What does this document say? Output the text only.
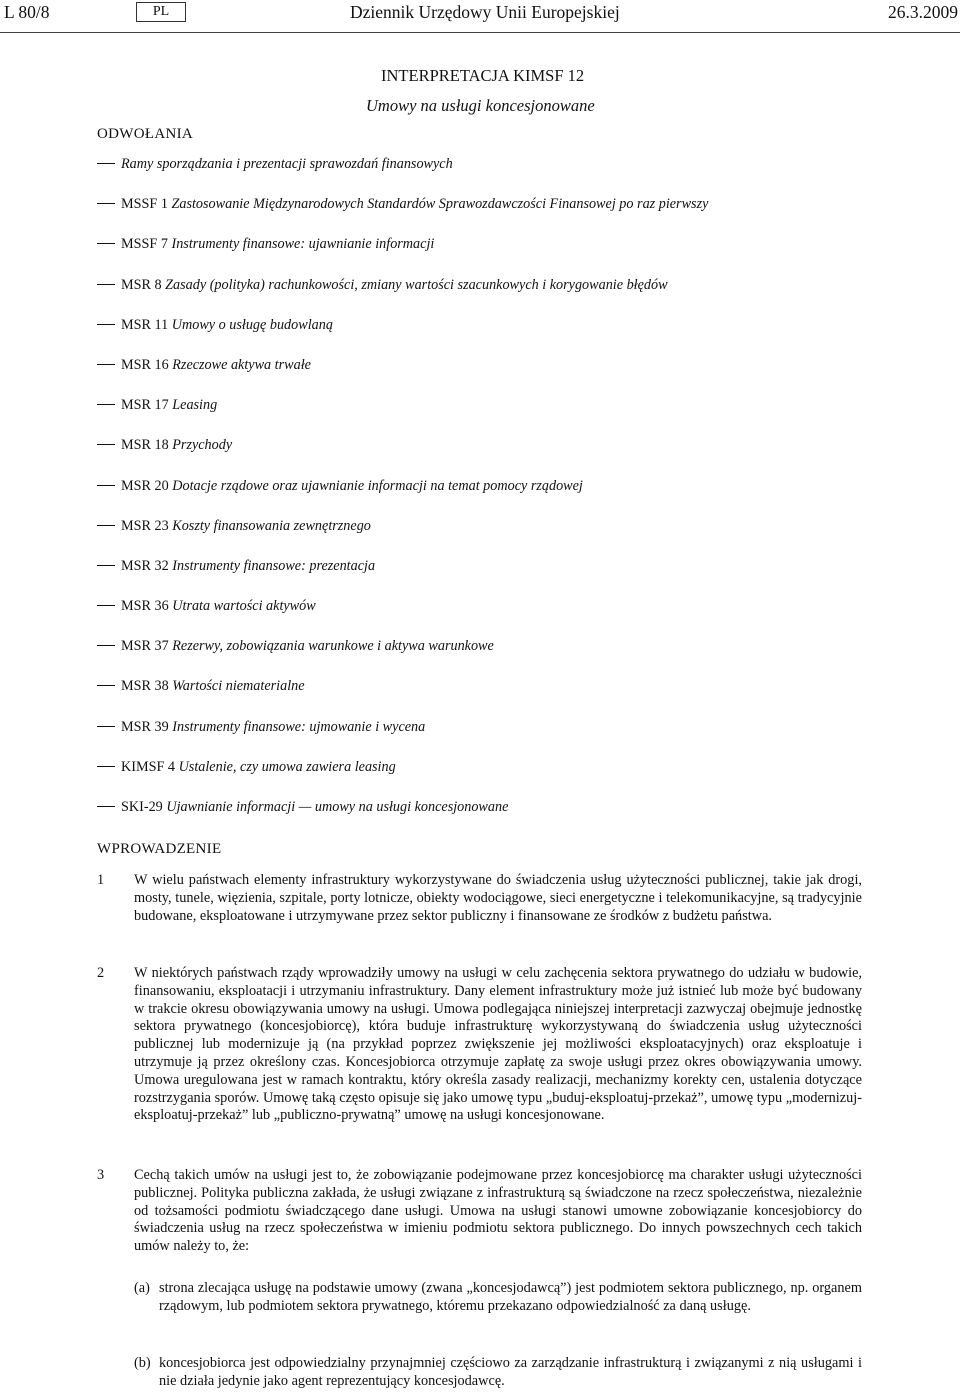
L 80/8	PL	Dziennik Urzędowy Unii Europejskiej	26.3.2009
INTERPRETACJA KIMSF 12
Umowy na usługi koncesjonowane
ODWOŁANIA
Ramy sporządzania i prezentacji sprawozdań finansowych
MSSF 1 Zastosowanie Międzynarodowych Standardów Sprawozdawczości Finansowej po raz pierwszy
MSSF 7 Instrumenty finansowe: ujawnianie informacji
MSR 8 Zasady (polityka) rachunkowości, zmiany wartości szacunkowych i korygowanie błędów
MSR 11 Umowy o usługę budowlaną
MSR 16 Rzeczowe aktywa trwałe
MSR 17 Leasing
MSR 18 Przychody
MSR 20 Dotacje rządowe oraz ujawnianie informacji na temat pomocy rządowej
MSR 23 Koszty finansowania zewnętrznego
MSR 32 Instrumenty finansowe: prezentacja
MSR 36 Utrata wartości aktywów
MSR 37 Rezerwy, zobowiązania warunkowe i aktywa warunkowe
MSR 38 Wartości niematerialne
MSR 39 Instrumenty finansowe: ujmowanie i wycena
KIMSF 4 Ustalenie, czy umowa zawiera leasing
SKI-29 Ujawnianie informacji — umowy na usługi koncesjonowane
WPROWADZENIE
1 W wielu państwach elementy infrastruktury wykorzystywane do świadczenia usług użyteczności publicznej, takie jak drogi, mosty, tunele, więzienia, szpitale, porty lotnicze, obiekty wodociągowe, sieci energetyczne i telekomunikacyjne, są tradycyjnie budowane, eksploatowane i utrzymywane przez sektor publiczny i finansowane ze środków z budżetu państwa.
2 W niektórych państwach rządy wprowadziły umowy na usługi w celu zachęcenia sektora prywatnego do udziału w budowie, finansowaniu, eksploatacji i utrzymaniu infrastruktury. Dany element infrastruktury może już istnieć lub może być budowany w trakcie okresu obowiązywania umowy na usługi. Umowa podlegająca niniejszej interpretacji zazwyczaj obejmuje jednostkę sektora prywatnego (koncesjobiorcę), która buduje infrastrukturę wykorzystywaną do świadczenia usług użyteczności publicznej lub modernizuje ją (na przykład poprzez zwiększenie jej możliwości eksploatacyjnych) oraz eksploatuje i utrzymuje ją przez określony czas. Koncesjobiorca otrzymuje zapłatę za swoje usługi przez okres obowiązywania umowy. Umowa uregulowana jest w ramach kontraktu, który określa zasady realizacji, mechanizmy korekty cen, ustalenia dotyczące rozstrzygania sporów. Umowę taką często opisuje się jako umowę typu „buduj-eksploatuj-przekaż”, umowę typu „modernizuj-eksploatuj-przekaż” lub „publiczno-prywatną” umowę na usługi koncesjonowane.
3 Cechą takich umów na usługi jest to, że zobowiązanie podejmowane przez koncesjobiorcę ma charakter usługi użyteczności publicznej. Polityka publiczna zakłada, że usługi związane z infrastrukturą są świadczone na rzecz społeczeństwa, niezależnie od tożsamości podmiotu świadczącego dane usługi. Umowa na usługi stanowi umowne zobowiązanie koncesjobiorcy do świadczenia usług na rzecz społeczeństwa w imieniu podmiotu sektora publicznego. Do innych powszechnych cech takich umów należy to, że:
(a) strona zlecająca usługę na podstawie umowy (zwana „koncesjodawcą”) jest podmiotem sektora publicznego, np. organem rządowym, lub podmiotem sektora prywatnego, któremu przekazano odpowiedzialność za daną usługę.
(b) koncesjobiorca jest odpowiedzialny przynajmniej częściowo za zarządzanie infrastrukturą i związanymi z nią usługami i nie działa jedynie jako agent reprezentujący koncesjodawcę.
